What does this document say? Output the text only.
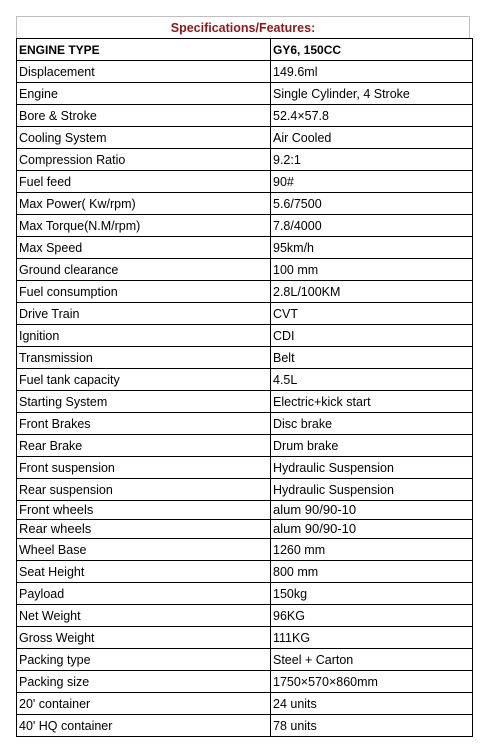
Specifications/Features:
ENGINE TYPE	GY6, 150CC
Displacement	149.6ml
Engine	Single Cylinder, 4 Stroke
Bore & Stroke	52.4×57.8
Cooling System	Air Cooled
Compression Ratio	9.2:1
Fuel feed	90#
Max Power( Kw/rpm)	5.6/7500
Max Torque(N.M/rpm)	7.8/4000
Max Speed	95km/h
Ground clearance	100 mm
Fuel consumption	2.8L/100KM
Drive Train	CVT
Ignition	CDI
Transmission	Belt
Fuel tank capacity	4.5L
Starting System	Electric+kick start
Front Brakes	Disc brake
Rear Brake	Drum brake
Front suspension	Hydraulic Suspension
Rear suspension	Hydraulic Suspension
Front wheels	alum 90/90-10
Rear wheels	alum 90/90-10
Wheel Base	1260 mm
Seat Height	800 mm
Payload	150kg
Net Weight	96KG
Gross Weight	111KG
Packing type	Steel + Carton
Packing size	1750×570×860mm
20' container	24 units
40' HQ container	78 units
